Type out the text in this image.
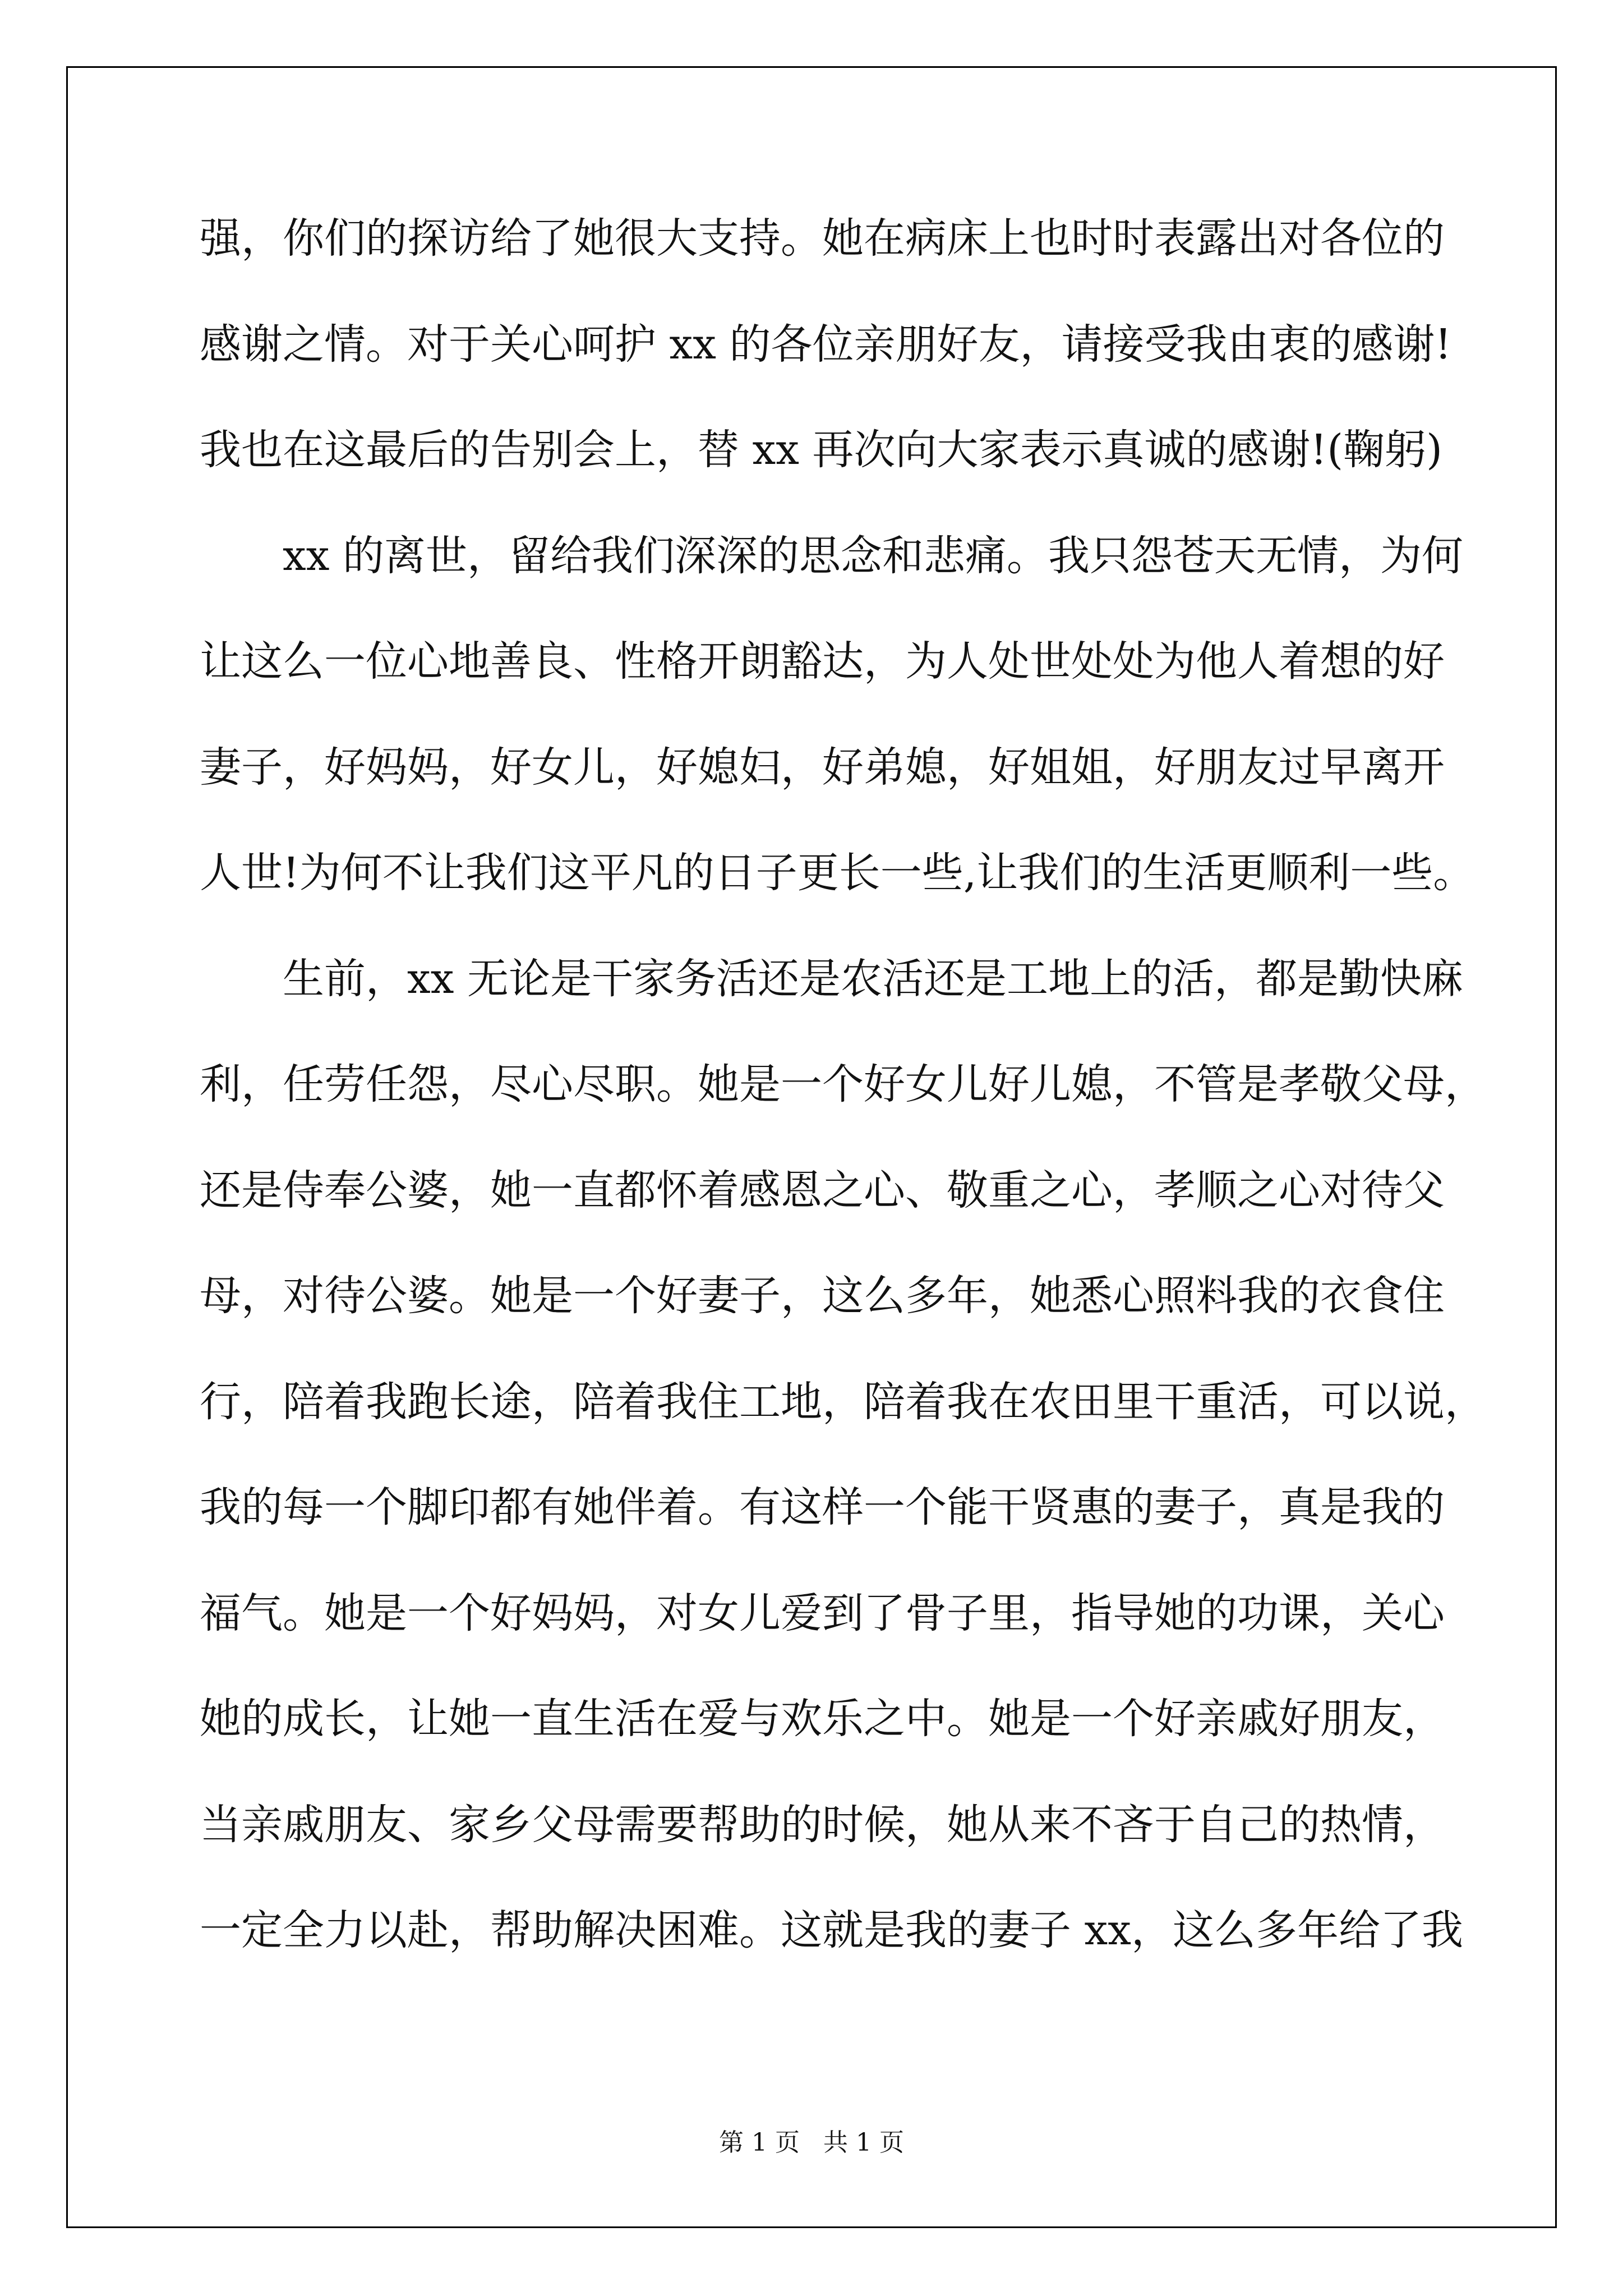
强，你们的探访给了她很大支持。她在病床上也时时表露出对各位的
感谢之情。对于关心呵护 xx 的各位亲朋好友，请接受我由衷的感谢!
我也在这最后的告别会上，替 xx 再次向大家表示真诚的感谢!(鞠躬)
xx 的离世，留给我们深深的思念和悲痛。我只怨苍天无情，为何
让这么一位心地善良、性格开朗豁达，为人处世处处为他人着想的好
妻子，好妈妈，好女儿，好媳妇，好弟媳，好姐姐，好朋友过早离开
人世!为何不让我们这平凡的日子更长一些,让我们的生活更顺利一些。
生前，xx 无论是干家务活还是农活还是工地上的活，都是勤快麻
利，任劳任怨，尽心尽职。她是一个好女儿好儿媳，不管是孝敬父母，
还是侍奉公婆，她一直都怀着感恩之心、敬重之心，孝顺之心对待父
母，对待公婆。她是一个好妻子，这么多年，她悉心照料我的衣食住
行，陪着我跑长途，陪着我住工地，陪着我在农田里干重活，可以说，
我的每一个脚印都有她伴着。有这样一个能干贤惠的妻子，真是我的
福气。她是一个好妈妈，对女儿爱到了骨子里，指导她的功课，关心
她的成长，让她一直生活在爱与欢乐之中。她是一个好亲戚好朋友，
当亲戚朋友、家乡父母需要帮助的时候，她从来不吝于自己的热情，
一定全力以赴，帮助解决困难。这就是我的妻子 xx，这么多年给了我
第 1 页   共 1 页
